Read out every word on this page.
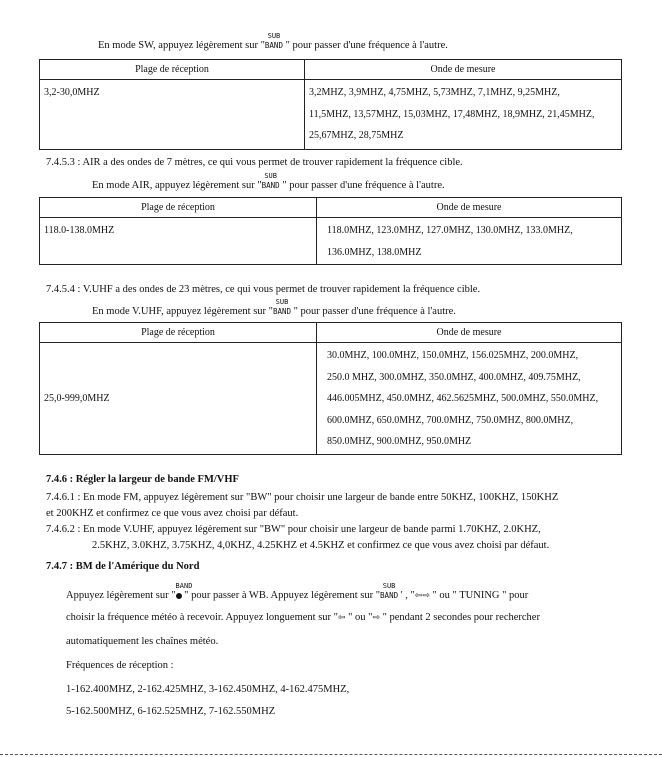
En mode SW, appuyez légèrement sur "
SUB
BAND " pour passer d'une fréquence à l'autre.
Plage de réception	Onde de mesure

3,2-30,0MHZ	3,2MHZ, 3,9MHZ, 4,75MHZ, 5,73MHZ, 7,1MHZ, 9,25MHZ,
11,5MHZ, 13,57MHZ, 15,03MHZ, 17,48MHZ, 18,9MHZ, 21,45MHZ,
25,67MHZ, 28,75MHZ
7.4.5.3 : AIR a des ondes de 7 mètres, ce qui vous permet de trouver rapidement la fréquence cible.
En mode AIR, appuyez légèrement sur "
SUB
BAND " pour passer d'une fréquence à l'autre.
Plage de réception	Onde de mesure

118.0-138.0MHZ	118.0MHZ, 123.0MHZ, 127.0MHZ, 130.0MHZ, 133.0MHZ,
136.0MHZ, 138.0MHZ
7.4.5.4 : V.UHF a des ondes de 23 mètres, ce qui vous permet de trouver rapidement la fréquence cible.
En mode V.UHF, appuyez légèrement sur "
SUB
BAND " pour passer d'une fréquence à l'autre.
Plage de réception	Onde de mesure

25,0-999,0MHZ	30.0MHZ, 100.0MHZ, 150.0MHZ, 156.025MHZ, 200.0MHZ,
250.0 MHZ, 300.0MHZ, 350.0MHZ, 400.0MHZ, 409.75MHZ,
446.005MHZ, 450.0MHZ, 462.5625MHZ, 500.0MHZ, 550.0MHZ,
600.0MHZ, 650.0MHZ, 700.0MHZ, 750.0MHZ, 800.0MHZ,
850.0MHZ, 900.0MHZ, 950.0MHZ
7.4.6 : Régler la largeur de bande FM/VHF
7.4.6.1 : En mode FM, appuyez légèrement sur "BW" pour choisir une largeur de bande entre 50KHZ, 100KHZ, 150KHZ
et 200KHZ et confirmez ce que vous avez choisi par défaut.
7.4.6.2 : En mode V.UHF, appuyez légèrement sur "BW" pour choisir une largeur de bande parmi 1.70KHZ, 2.0KHZ,
2.5KHZ, 3.0KHZ, 3.75KHZ, 4,0KHZ, 4.25KHZ et 4.5KHZ et confirmez ce que vous avez choisi par défaut.
7.4.7 : BM de l'Amérique du Nord
Appuyez légèrement sur "
BAND
" pour passer à WB. Appuyez légèrement sur "
SUB
BAND ' , "⇦⇨ " ou " TUNING " pour
choisir la fréquence météo à recevoir. Appuyez longuement sur "⇦ " ou "⇨ " pendant 2 secondes pour rechercher
automatiquement les chaînes météo.
Fréquences de réception :
1-162.400MHZ, 2-162.425MHZ, 3-162.450MHZ, 4-162.475MHZ,
5-162.500MHZ, 6-162.525MHZ, 7-162.550MHZ
